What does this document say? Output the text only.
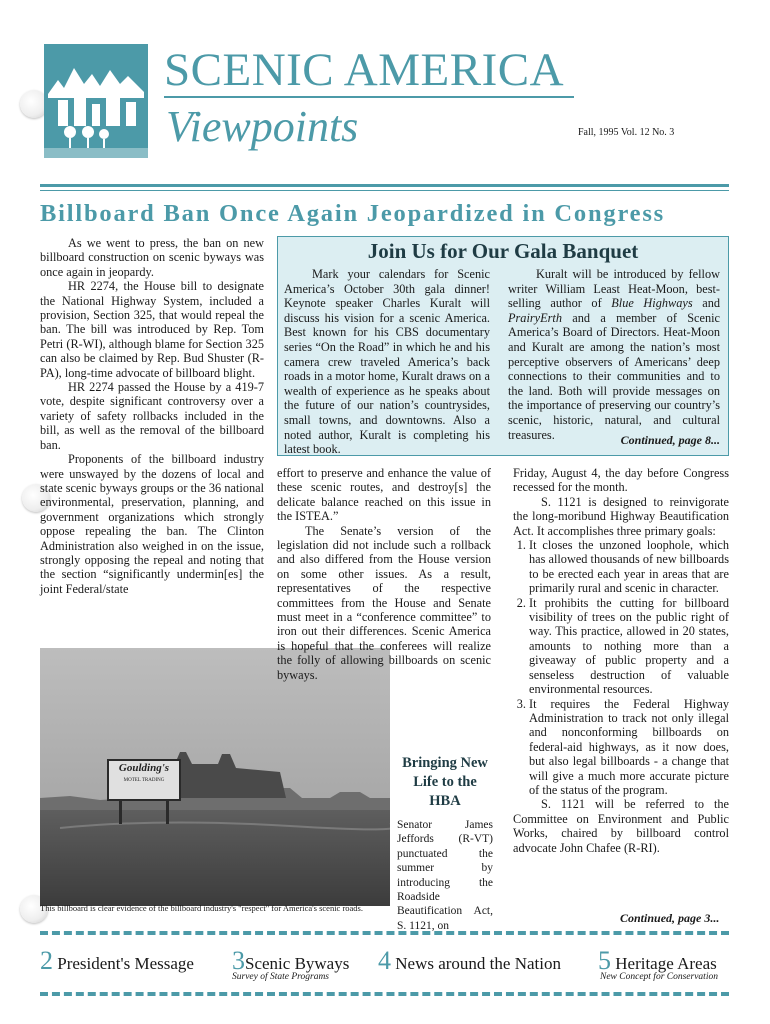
SCENIC AMERICA
Viewpoints	Fall, 1995 Vol. 12 No. 3
Billboard Ban Once Again Jeopardized in Congress

As we went to press, the ban on new billboard construction on scenic byways was once again in jeopardy.

HR 2274, the House bill to designate the National Highway System, included a provision, Section 325, that would repeal the ban. The bill was introduced by Rep. Tom Petri (R-WI), although blame for Section 325 can also be claimed by Rep. Bud Shuster (R-PA), long-time advocate of billboard blight.

HR 2274 passed the House by a 419-7 vote, despite significant controversy over a variety of safety rollbacks included in the bill, as well as the removal of the billboard ban.

Proponents of the billboard industry were unswayed by the dozens of local and state scenic byways groups or the 36 national environmental, preservation, planning, and government organizations which strongly oppose repealing the ban. The Clinton Administration also weighed in on the issue, strongly opposing the repeal and noting that the section “significantly undermin[es] the joint Federal/state

Join Us for Our Gala Banquet

Mark your calendars for Scenic America’s October 30th gala dinner! Keynote speaker Charles Kuralt will discuss his vision for a scenic America. Best known for his CBS documentary series “On the Road” in which he and his camera crew traveled America’s back roads in a motor home, Kuralt draws on a wealth of experience as he speaks about the future of our nation’s countrysides, small towns, and downtowns. Also a noted author, Kuralt is completing his latest book.

Kuralt will be introduced by fellow writer William Least Heat-Moon, best-selling author of Blue Highways and PrairyErth and a member of Scenic America’s Board of Directors. Heat-Moon and Kuralt are among the nation’s most perceptive observers of Americans’ deep connections to their communities and to the land. Both will provide messages on the importance of preserving our country’s scenic, historic, natural, and cultural treasures.	Continued, page 8...
Goulding's
MOTEL TRADING
This billboard is clear evidence of the billboard industry's "respect" for America's scenic roads.

effort to preserve and enhance the value of these scenic routes, and destroy[s] the delicate balance reached on this issue in the ISTEA.”

The Senate’s version of the legislation did not include such a rollback and also differed from the House version on some other issues. As a result, representatives of the respective committees from the House and Senate must meet in a “conference committee” to iron out their differences. Scenic America is hopeful that the conferees will realize the folly of allowing billboards on scenic byways.

Bringing New Life to the HBA

Senator James Jeffords (R-VT) punctuated the summer by introducing the Roadside Beautification Act, S. 1121, on

Friday, August 4, the day before Congress recessed for the month.

S. 1121 is designed to reinvigorate the long-moribund Highway Beautification Act. It accomplishes three primary goals:

1. It closes the unzoned loophole, which has allowed thousands of new billboards to be erected each year in areas that are primarily rural and scenic in character.
2. It prohibits the cutting for billboard visibility of trees on the public right of way. This practice, allowed in 20 states, amounts to nothing more than a giveaway of public property and a senseless destruction of valuable environmental resources.
3. It requires the Federal Highway Administration to track not only illegal and nonconforming billboards on federal-aid highways, as it now does, but also legal billboards - a change that will give a much more accurate picture of the status of the program.

S. 1121 will be referred to the Committee on Environment and Public Works, chaired by billboard control advocate John Chafee (R-RI).

Continued, page 3...
2 President's Message 3Scenic Byways
Survey of State Programs
4 News around the Nation 5 Heritage Areas
New Concept for Conservation
